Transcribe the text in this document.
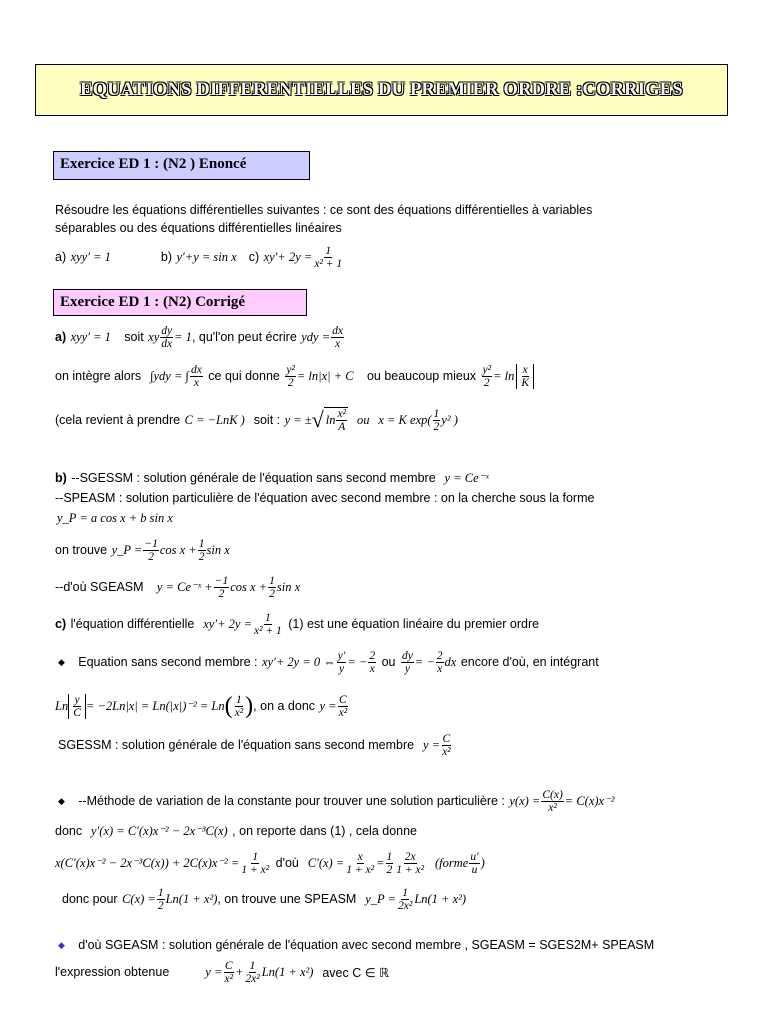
EQUATIONS DIFFERENTIELLES DU PREMIER ORDRE :CORRIGES
Exercice ED 1 : (N2 ) Enoncé
Résoudre les équations différentielles suivantes : ce sont des équations différentielles à variables
séparables ou des équations différentielles linéaires
a)
xyy′ = 1	b)
y′+y = sin x c)
$xy'+ 2y = \frac{1}{\text{x² + 1}}$
Exercice ED 1 : (N2) Corrigé
a)
xyy′ = 1
soit
xy $\frac{dy}{dx} = 1$ , qu'l'on peut écrire
ydy = $\frac{dx}{x}$
on intègre alors
∫ydy = ∫ $\frac{dx}{x}$
ce qui donne
$\frac{\text{y²}}{2} = \ln|x| + C$
ou beaucoup mieux
$\frac{\text{y²}}{2} = \ln \frac{x}{K}$
(cela revient à prendre
C = −LnK )
soit :
y = ± √ $\ln \frac{\text{x²}}{A}$
ou
x = K $\exp( \frac{1}{2} y^2$ )
b)
--SGESSM : solution générale de l'équation sans second membre
y = Ce⁻ˣ
--SPEASM : solution particulière de l'équation avec second membre : on la cherche sous la forme
y_P = a cos x + b sin x
on trouve
y_P = $\frac{-1}{2}$ $\cos x + \frac{1}{2}$ sin x
--d'où SGEASM
y = Ce⁻ˣ + $\frac{-1}{2}$ $\cos x + \frac{1}{2}$ sin x
c)
l'équation différentielle
$xy'+ 2y = \frac{1}{\text{x² + 1}}$
(1) est une équation linéaire du premier ordre
◆
Equation sans second membre :
xy′+ 2y = 0 ⇔ $\frac{y'}{y}$ = − $\frac{2}{x}$
ou
$\frac{dy}{y}$ = − $\frac{2}{x}$ dx
encore d'où, en intégrant
Ln $\frac{y}{C} = -2Ln|x| = Ln(|x|)^{-2} = Ln$ ( $\frac{1}{\text{x²}}$ ) , on a donc
$y = \frac{C}{\text{x²}}$
SGESSM : solution générale de l'équation sans second membre
$y = \frac{C}{\text{x²}}$
◆
--Méthode de variation de la constante pour trouver une solution particulière :
$y(x) = \frac{C(x)}{\text{x²}} = C(x)x^{-2}$
donc
y′(x) = C′(x)x⁻² − 2x⁻³C(x)
, on reporte dans (1) , cela donne
$x(C'(x)x^{-2} - 2x^{-3}C(x)) + 2C(x)x^{-2} = \frac{1}{\text{1 + x²}}$
d'où
$C'(x) = \frac{x}{\text{1 + x²}} = \frac{1}{2} \frac{2x}{\text{1 + x²}}$
(forme $\frac{u'}{u}$ )
donc pour
$C(x) = \frac{1}{2} Ln(1 + x^2)$ , on trouve une SPEASM
y_P = $\frac{1}{\text{2x²}} Ln(1 + x^2)$
◆
d'où SGEASM : solution générale de l'équation avec second membre , SGEASM = SGES2M+ SPEASM
l'expression obtenue	$y = \frac{C}{\text{x²}} + \frac{1}{\text{2x²}} Ln(1 + x^2)$
avec C ∈ ℝ
